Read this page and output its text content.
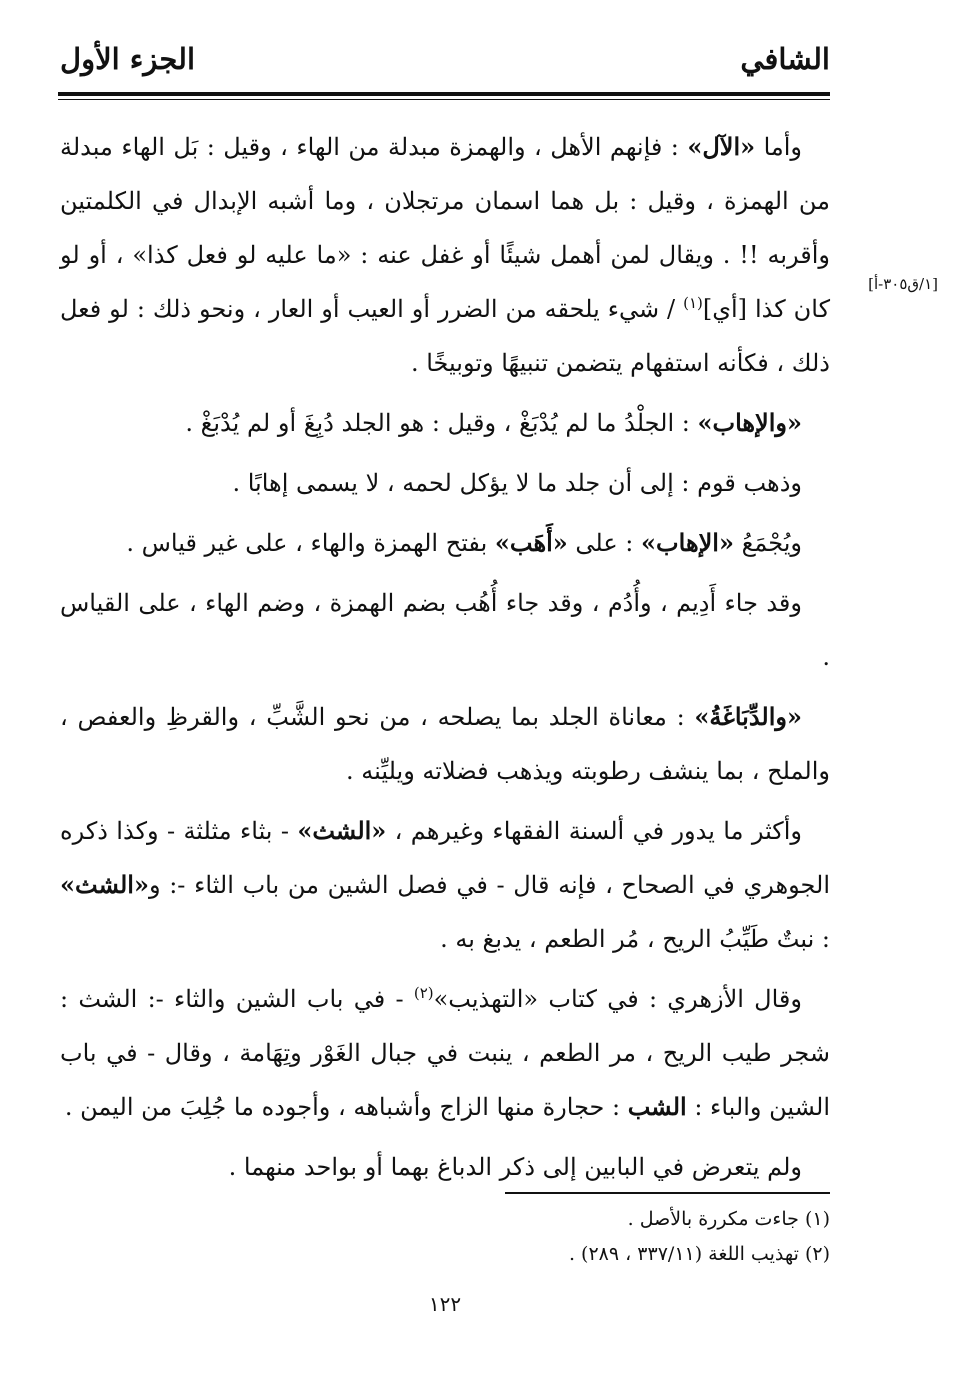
الشافي
الجزء الأول
[١/ق٣٠٥-أ]

وأما «الآل» : فإنهم الأهل ، والهمزة مبدلة من الهاء ، وقيل : بَل الهاء مبدلة من الهمزة ، وقيل : بل هما اسمان مرتجلان ، وما أشبه الإبدال في الكلمتين وأقربه !! . ويقال لمن أهمل شيئًا أو غفل عنه : «ما عليه لو فعل كذا» ، أو لو كان كذا [أي]$^{(١)}$ / شيء يلحقه من الضرر أو العيب أو العار ، ونحو ذلك : لو فعل ذلك ، فكأنه استفهام يتضمن تنبيهًا وتوبيخًا .

«والإهاب» : الجلْدُ ما لم يُدْبَغْ ، وقيل : هو الجلد دُبِغَ أو لم يُدْبَغْ .

وذهب قوم : إلى أن جلد ما لا يؤكل لحمه ، لا يسمى إهابًا .

ويُجْمَعُ «الإهاب» : على «أَهَب» بفتح الهمزة والهاء ، على غير قياس .

وقد جاء أَدِيم ، وأُدُم ، وقد جاء أُهُب بضم الهمزة ، وضم الهاء ، على القياس .

«والدِّبَاغَةُ» : معاناة الجلد بما يصلحه ، من نحو الشَّبِّ ، والقرظِ والعفص ، والملح ، بما ينشف رطوبته ويذهب فضلاته ويليِّنه .

وأكثر ما يدور في ألسنة الفقهاء وغيرهم ، «الشث» - بثاء مثلثة - وكذا ذكره الجوهري في الصحاح ، فإنه قال - في فصل الشين من باب الثاء -: و«الشث» : نبتٌ طَيِّبُ الريح ، مُر الطعم ، يدبغ به .

وقال الأزهري : في كتاب «التهذيب»$^{(٢)}$ - في باب الشين والثاء -: الشث : شجر طيب الريح ، مر الطعم ، ينبت في جبال الغَوْر وتِهَامة ، وقال - في باب الشين والباء : الشب : حجارة منها الزاج وأشباهه ، وأجوده ما جُلِبَ من اليمن .

ولم يتعرض في البابين إلى ذكر الدباغ بهما أو بواحد منهما .

(١) جاءت مكررة بالأصل .
(٢) تهذيب اللغة (٣٣٧/١١ ، ٢٨٩) .
١٢٢
